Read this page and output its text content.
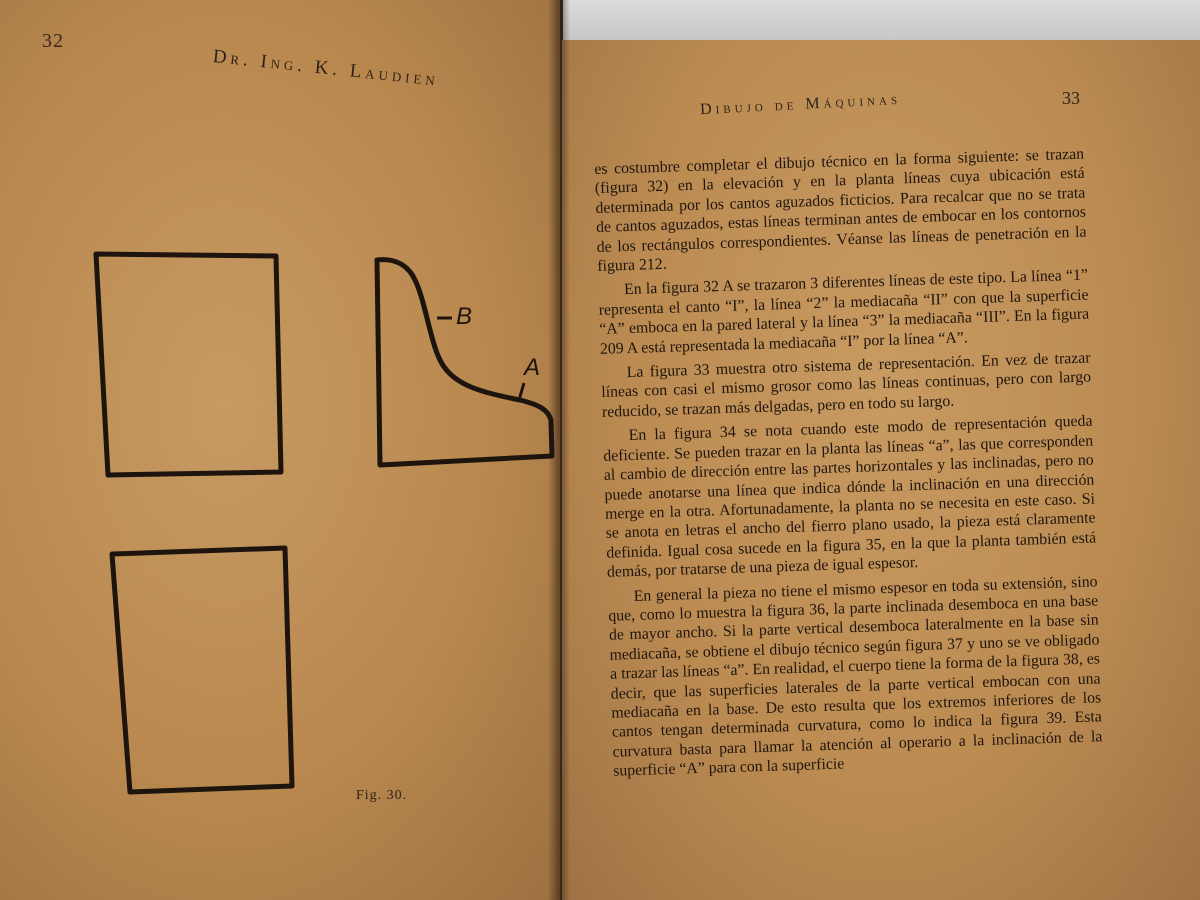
32
Dr. Ing. K. Laudien
B
A
Fig. 30.
Dibujo de Máquinas	33

es costumbre completar el dibujo técnico en la forma siguiente: se trazan (figura 32) en la elevación y en la planta líneas cuya ubicación está determinada por los cantos aguzados ficticios. Para recalcar que no se trata de cantos aguzados, estas líneas terminan antes de embocar en los contornos de los rectángulos correspondientes. Véanse las líneas de penetración en la figura 212.

En la figura 32 A se trazaron 3 diferentes líneas de este tipo. La línea “1” representa el canto “I”, la línea “2” la mediacaña “II” con que la superficie “A” emboca en la pared lateral y la línea “3” la mediacaña “III”. En la figura 209 A está representada la mediacaña “I” por la línea “A”.

La figura 33 muestra otro sistema de representación. En vez de trazar líneas con casi el mismo grosor como las líneas continuas, pero con largo reducido, se trazan más delgadas, pero en todo su largo.

En la figura 34 se nota cuando este modo de representación queda deficiente. Se pueden trazar en la planta las líneas “a”, las que corresponden al cambio de dirección entre las partes horizontales y las inclinadas, pero no puede anotarse una línea que indica dónde la inclinación en una dirección merge en la otra. Afortunadamente, la planta no se necesita en este caso. Si se anota en letras el ancho del fierro plano usado, la pieza está claramente definida. Igual cosa sucede en la figura 35, en la que la planta también está demás, por tratarse de una pieza de igual espesor.

En general la pieza no tiene el mismo espesor en toda su extensión, sino que, como lo muestra la figura 36, la parte inclinada desemboca en una base de mayor ancho. Si la parte vertical desemboca lateralmente en la base sin mediacaña, se obtiene el dibujo técnico según figura 37 y uno se ve obligado a trazar las líneas “a”. En realidad, el cuerpo tiene la forma de la figura 38, es decir, que las superficies laterales de la parte vertical embocan con una mediacaña en la base. De esto resulta que los extremos inferiores de los cantos tengan determinada curvatura, como lo indica la figura 39. Esta curvatura basta para llamar la atención al operario a la inclinación de la superficie “A” para con la superficie
